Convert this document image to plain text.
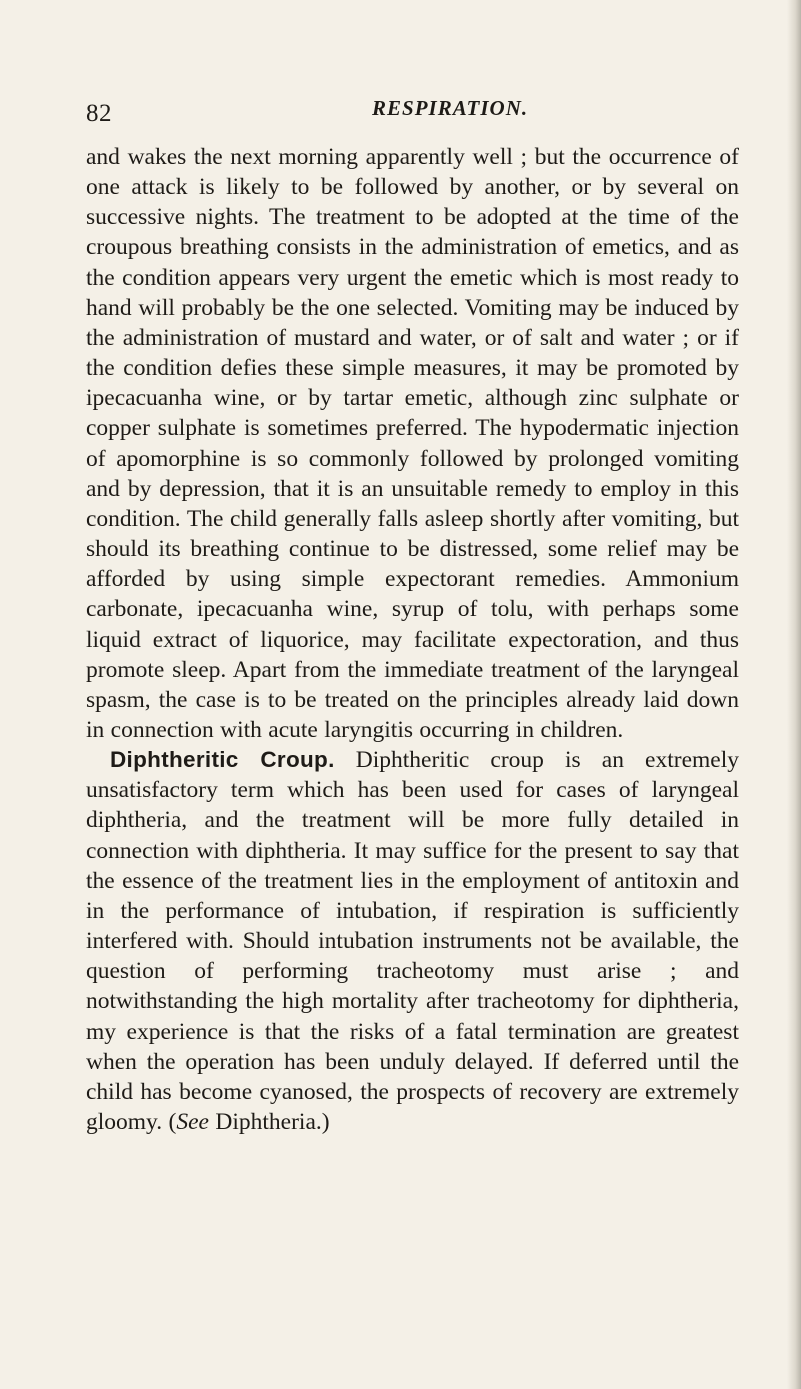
82	RESPIRATION.

and wakes the next morning apparently well ; but the occurrence of one attack is likely to be followed by another, or by several on successive nights. The treatment to be adopted at the time of the croupous breathing consists in the administration of emetics, and as the condition appears very urgent the emetic which is most ready to hand will probably be the one selected. Vomiting may be induced by the administration of mustard and water, or of salt and water ; or if the condition defies these simple measures, it may be promoted by ipecacuanha wine, or by tartar emetic, although zinc sulphate or copper sulphate is sometimes preferred. The hypodermatic injection of apomorphine is so commonly followed by prolonged vomiting and by depression, that it is an unsuitable remedy to employ in this condition. The child generally falls asleep shortly after vomiting, but should its breathing continue to be distressed, some relief may be afforded by using simple expectorant remedies. Ammonium carbonate, ipecacuanha wine, syrup of tolu, with perhaps some liquid extract of liquorice, may facilitate expectoration, and thus promote sleep. Apart from the immediate treatment of the laryngeal spasm, the case is to be treated on the principles already laid down in connection with acute laryngitis occurring in children.

Diphtheritic Croup. Diphtheritic croup is an extremely unsatisfactory term which has been used for cases of laryngeal diphtheria, and the treatment will be more fully detailed in connection with diphtheria. It may suffice for the present to say that the essence of the treatment lies in the employment of antitoxin and in the performance of intubation, if respiration is sufficiently interfered with. Should intubation instruments not be available, the question of performing tracheotomy must arise ; and notwithstanding the high mortality after tracheotomy for diphtheria, my experience is that the risks of a fatal termination are greatest when the operation has been unduly delayed. If deferred until the child has become cyanosed, the prospects of recovery are extremely gloomy. (See Diphtheria.)
